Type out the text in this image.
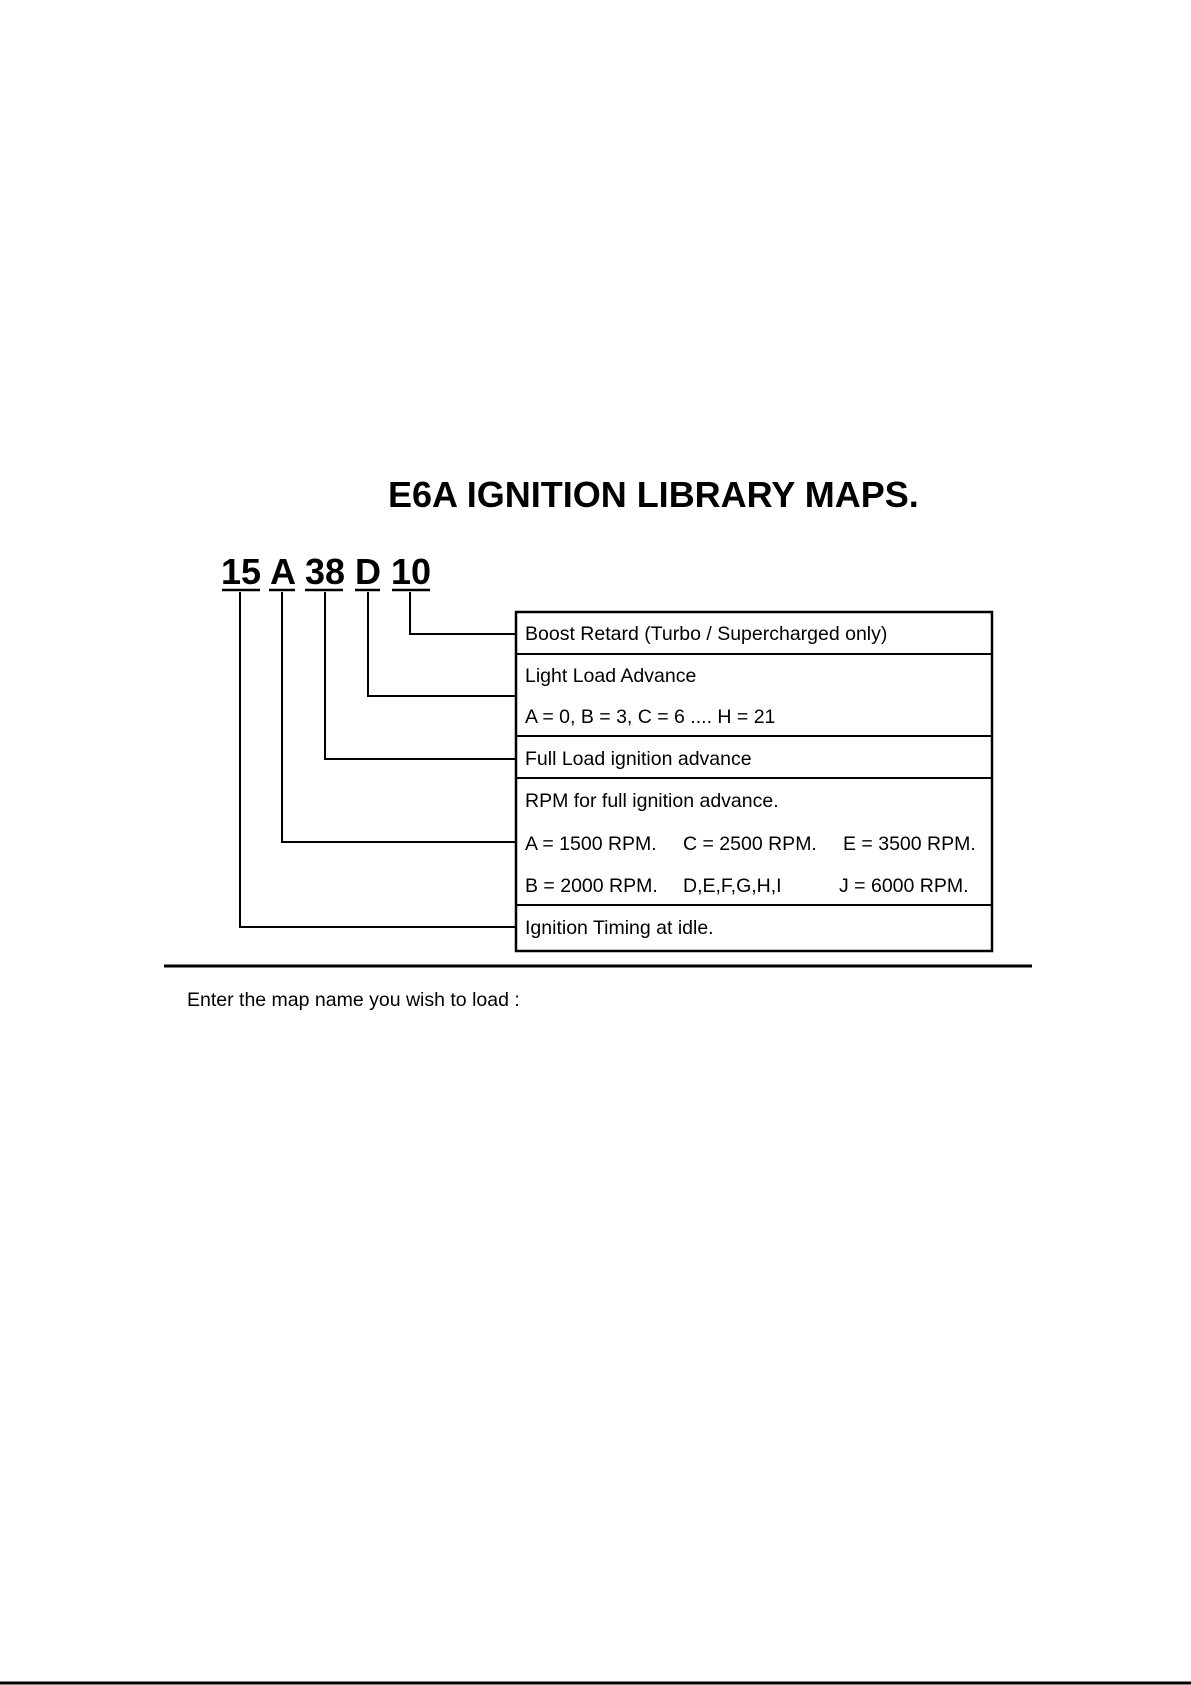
E6A IGNITION LIBRARY MAPS.
15 A 38 D 10
Boost Retard (Turbo / Supercharged only)
Light Load Advance
A = 0, B = 3, C = 6 .... H = 21
Full Load ignition advance
RPM for full ignition advance.
A = 1500 RPM. C = 2500 RPM. E = 3500 RPM.
B = 2000 RPM. D,E,F,G,H,I	J = 6000 RPM.
Ignition Timing at idle.
Enter the map name you wish to load :
